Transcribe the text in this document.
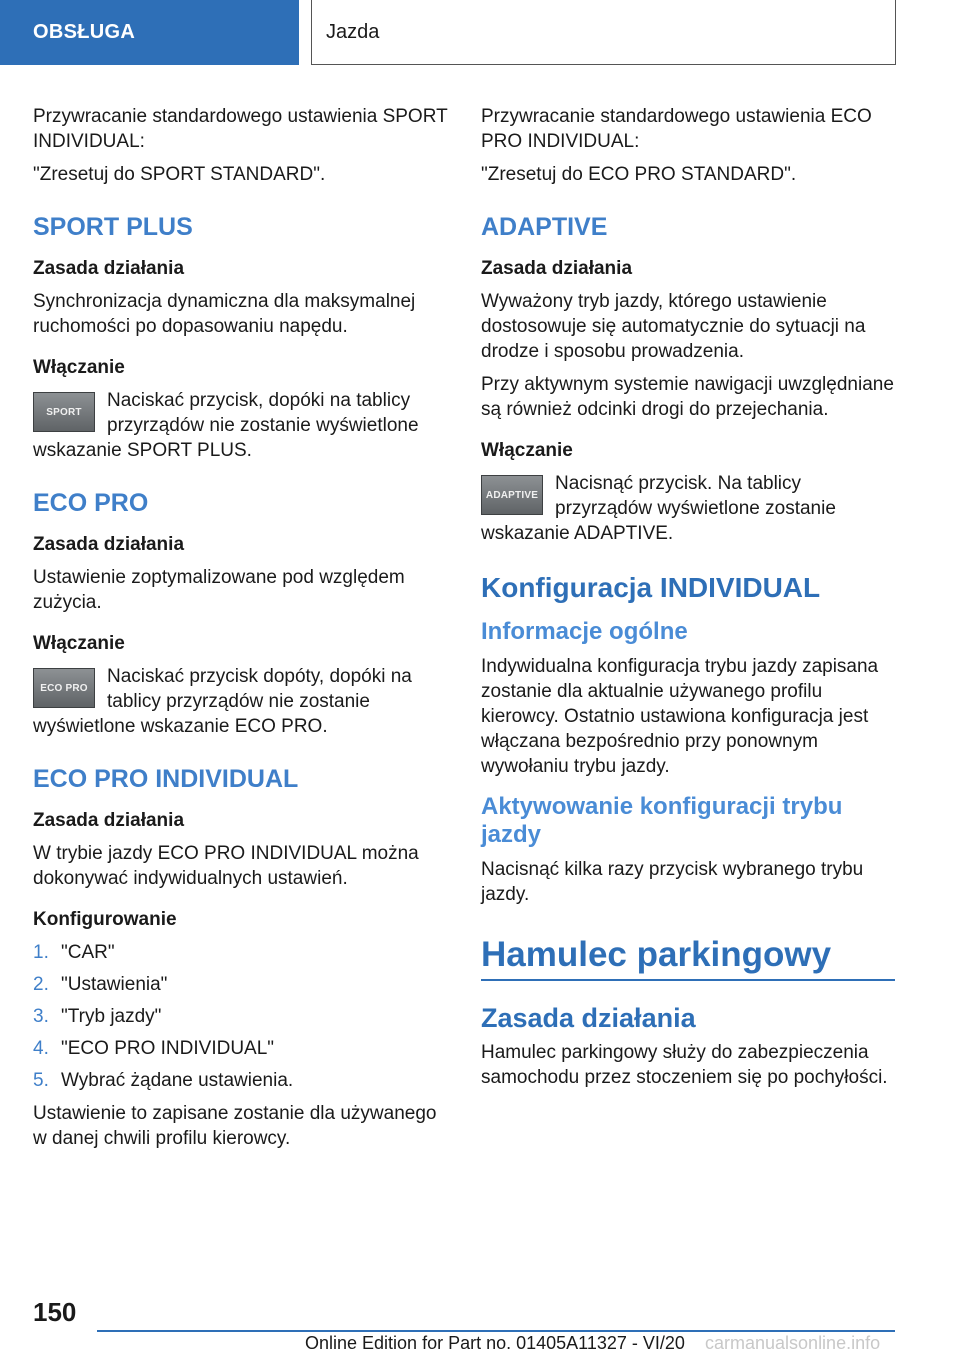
OBSŁUGA	Jazda

Przywracanie standardowego ustawienia SPORT INDIVIDUAL:

"Zresetuj do SPORT STANDARD".

SPORT PLUS
Zasada działania

Synchronizacja dynamiczna dla maksymalnej ruchomości po dopasowaniu napędu.

Włączanie
SPORT

Naciskać przycisk, dopóki na tablicy przyrządów nie zostanie wyświetlone wskazanie SPORT PLUS.

ECO PRO
Zasada działania

Ustawienie zoptymalizowane pod względem zużycia.

Włączanie
ECO PRO

Naciskać przycisk dopóty, dopóki na tablicy przyrządów nie zostanie wyświetlone wskazanie ECO PRO.

ECO PRO INDIVIDUAL
Zasada działania

W trybie jazdy ECO PRO INDIVIDUAL można dokonywać indywidualnych ustawień.

Konfigurowanie
1. "CAR"
2. "Ustawienia"
3. "Tryb jazdy"
4. "ECO PRO INDIVIDUAL"
5. Wybrać żądane ustawienia.

Ustawienie to zapisane zostanie dla używanego w danej chwili profilu kierowcy.

Przywracanie standardowego ustawienia ECO PRO INDIVIDUAL:

"Zresetuj do ECO PRO STANDARD".

ADAPTIVE
Zasada działania

Wyważony tryb jazdy, którego ustawienie dostosowuje się automatycznie do sytuacji na drodze i sposobu prowadzenia.

Przy aktywnym systemie nawigacji uwzględniane są również odcinki drogi do przejechania.

Włączanie
ADAPTIVE

Nacisnąć przycisk. Na tablicy przyrządów wyświetlone zostanie wskazanie ADAPTIVE.

Konfiguracja INDIVIDUAL
Informacje ogólne

Indywidualna konfiguracja trybu jazdy zapisana zostanie dla aktualnie używanego profilu kierowcy. Ostatnio ustawiona konfiguracja jest włączana bezpośrednio przy ponownym wywołaniu trybu jazdy.

Aktywowanie konfiguracji trybu jazdy

Nacisnąć kilka razy przycisk wybranego trybu jazdy.

Hamulec parkingowy
Zasada działania

Hamulec parkingowy służy do zabezpieczenia samochodu przez stoczeniem się po pochyłości.

150
Online Edition for Part no. 01405A11327 - VI/20 carmanualsonline.info
